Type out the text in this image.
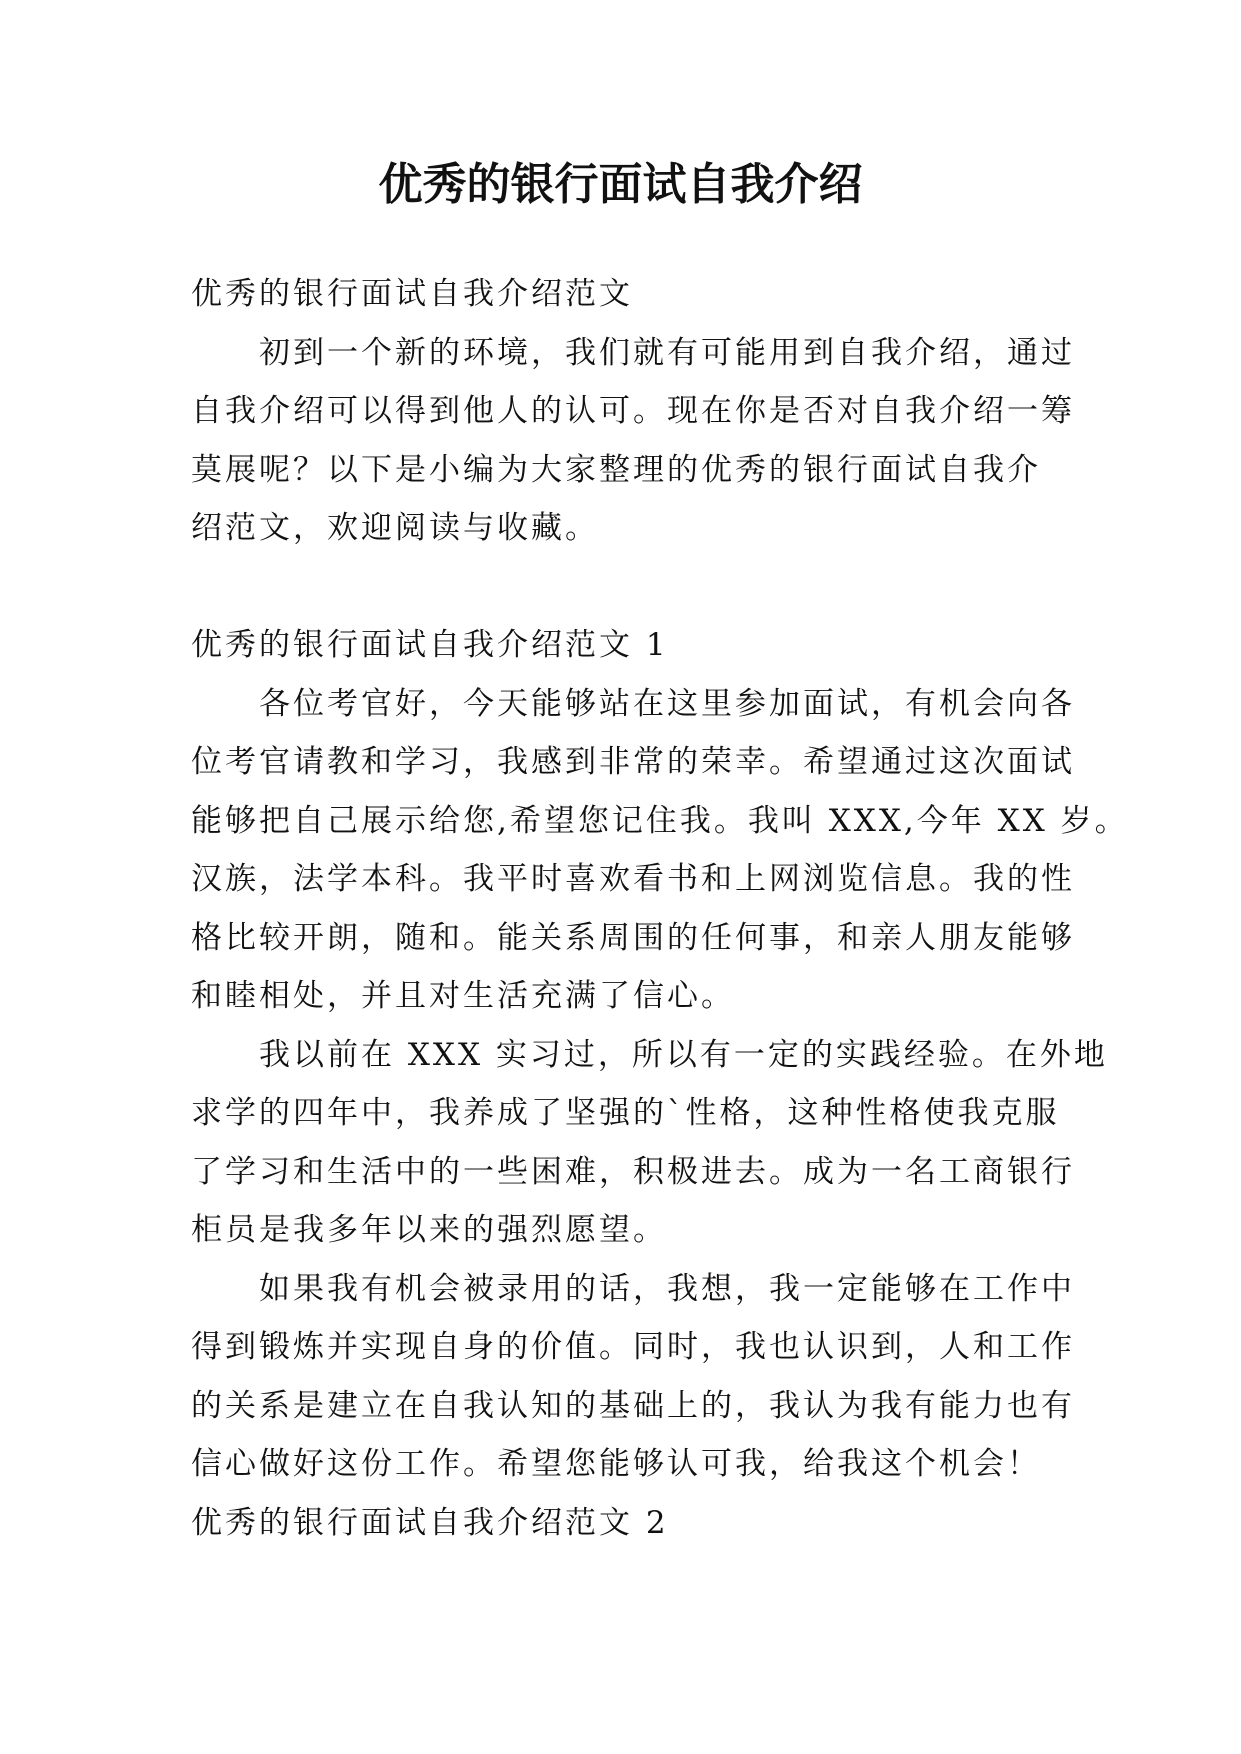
优秀的银行面试自我介绍
优秀的银行面试自我介绍范文
初到一个新的环境，我们就有可能用到自我介绍，通过
自我介绍可以得到他人的认可。现在你是否对自我介绍一筹
莫展呢？以下是小编为大家整理的优秀的银行面试自我介
绍范文，欢迎阅读与收藏。
优秀的银行面试自我介绍范文 1
各位考官好，今天能够站在这里参加面试，有机会向各
位考官请教和学习，我感到非常的荣幸。希望通过这次面试
能够把自己展示给您,希望您记住我。我叫 XXX,今年 XX 岁。
汉族，法学本科。我平时喜欢看书和上网浏览信息。我的性
格比较开朗，随和。能关系周围的任何事，和亲人朋友能够
和睦相处，并且对生活充满了信心。
我以前在 XXX 实习过，所以有一定的实践经验。在外地
求学的四年中，我养成了坚强的`性格，这种性格使我克服
了学习和生活中的一些困难，积极进去。成为一名工商银行
柜员是我多年以来的强烈愿望。
如果我有机会被录用的话，我想，我一定能够在工作中
得到锻炼并实现自身的价值。同时，我也认识到，人和工作
的关系是建立在自我认知的基础上的，我认为我有能力也有
信心做好这份工作。希望您能够认可我，给我这个机会！
优秀的银行面试自我介绍范文 2
